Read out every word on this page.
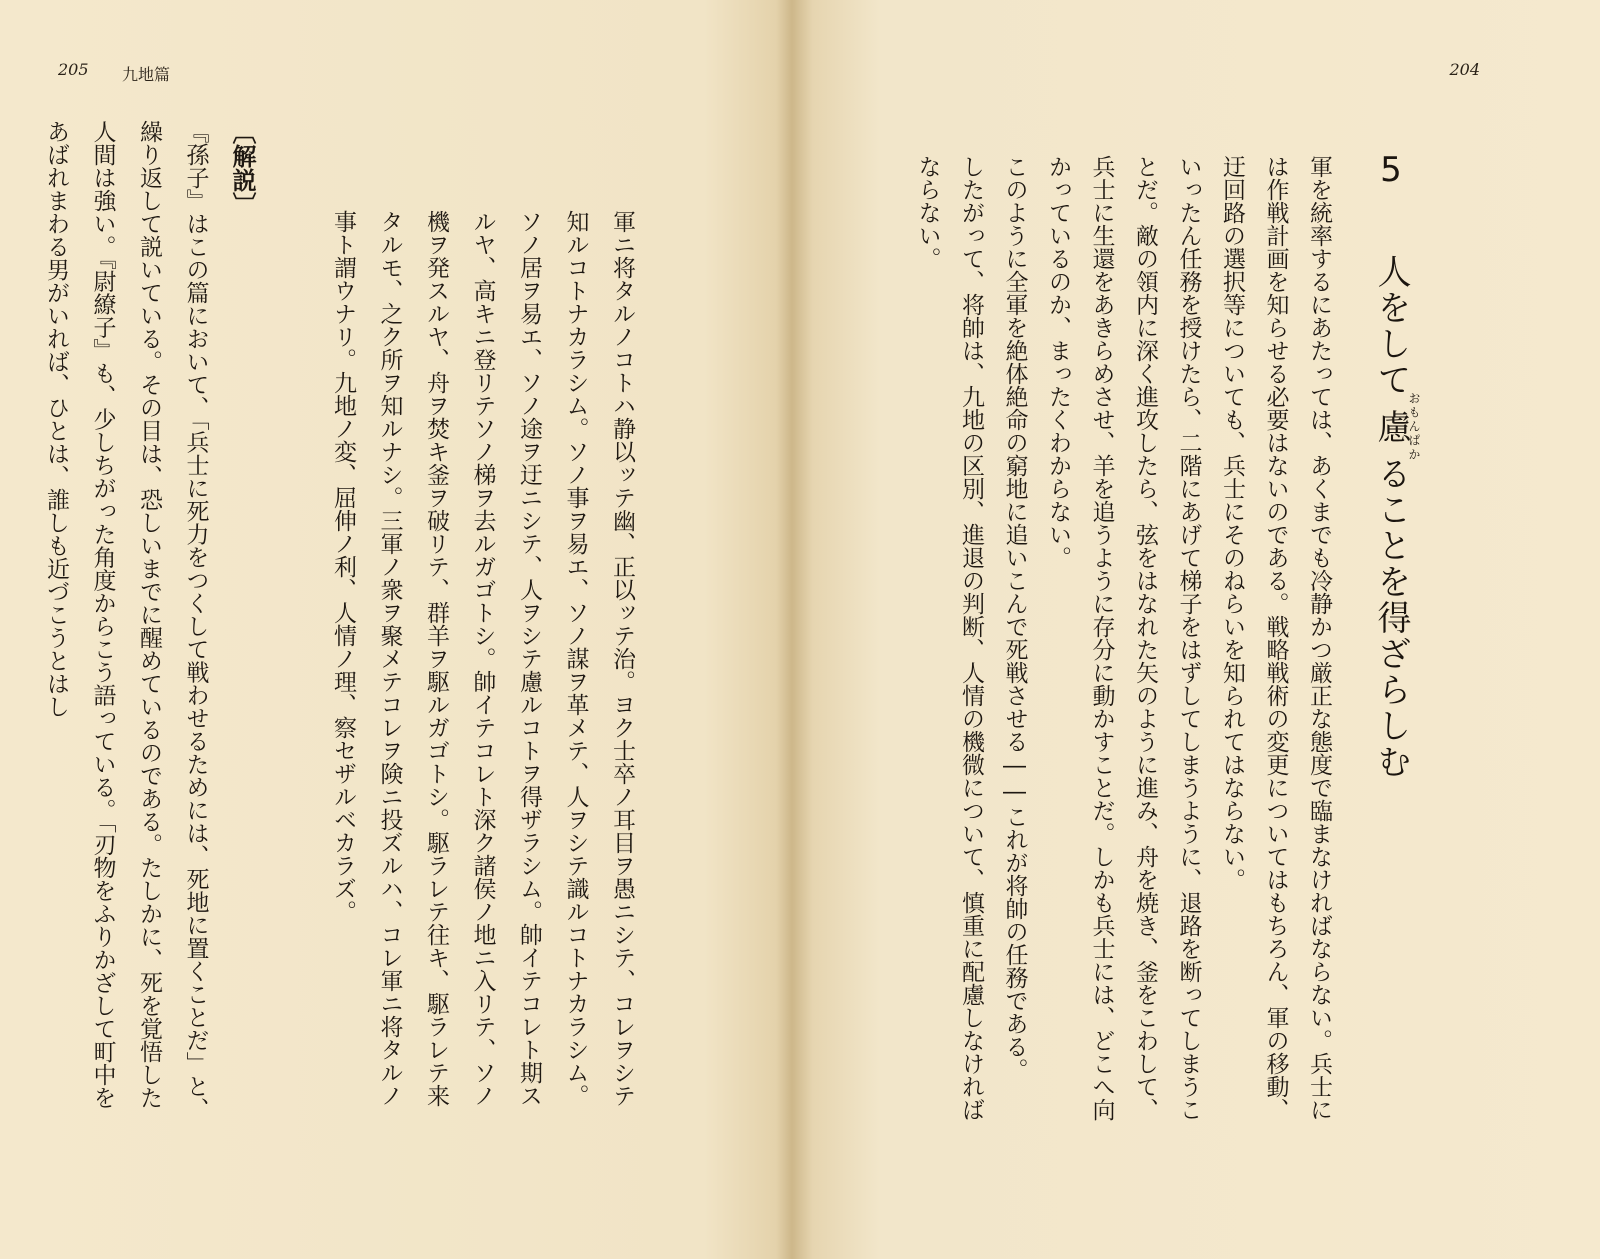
205 九地篇

軍ニ将タルノコトハ静以ッテ幽、正以ッテ治。ヨク士卒ノ耳目ヲ愚ニシテ、コレヲシテ知ルコトナカラシム。ソノ事ヲ易エ、ソノ謀ヲ革メテ、人ヲシテ識ルコトナカラシム。ソノ居ヲ易エ、ソノ途ヲ迂ニシテ、人ヲシテ慮ルコトヲ得ザラシム。帥イテコレト期スルヤ、高キニ登リテソノ梯ヲ去ルガゴトシ。帥イテコレト深ク諸侯ノ地ニ入リテ、ソノ機ヲ発スルヤ、舟ヲ焚キ釜ヲ破リテ、群羊ヲ駆ルガゴトシ。駆ラレテ往キ、駆ラレテ来タルモ、之ク所ヲ知ルナシ。三軍ノ衆ヲ聚メテコレヲ険ニ投ズルハ、コレ軍ニ将タルノ事ト謂ウナリ。九地ノ変、屈伸ノ利、人情ノ理、察セザルベカラズ。

〔解説〕

『孫子』はこの篇において、「兵士に死力をつくして戦わせるためには、死地に置くことだ」と、繰り返して説いている。その目は、恐しいまでに醒めているのである。たしかに、死を覚悟した人間は強い。『尉繚子』も、少しちがった角度からこう語っている。「刃物をふりかざして町中をあばれまわる男がいれば、ひとは、誰しも近づこうとはし

204
5 人をして慮おもんぱかることを得ざらしむ

軍を統率するにあたっては、あくまでも冷静かつ厳正な態度で臨まなければならない。兵士には作戦計画を知らせる必要はないのである。戦略戦術の変更についてはもちろん、軍の移動、迂回路の選択等についても、兵士にそのねらいを知られてはならない。

いったん任務を授けたら、二階にあげて梯子をはずしてしまうように、退路を断ってしまうことだ。敵の領内に深く進攻したら、弦をはなれた矢のように進み、舟を焼き、釜をこわして、兵士に生還をあきらめさせ、羊を追うように存分に動かすことだ。しかも兵士には、どこへ向かっているのか、まったくわからない。

このように全軍を絶体絶命の窮地に追いこんで死戦させる――これが将帥の任務である。

したがって、将帥は、九地の区別、進退の判断、人情の機微について、慎重に配慮しなければならない。
